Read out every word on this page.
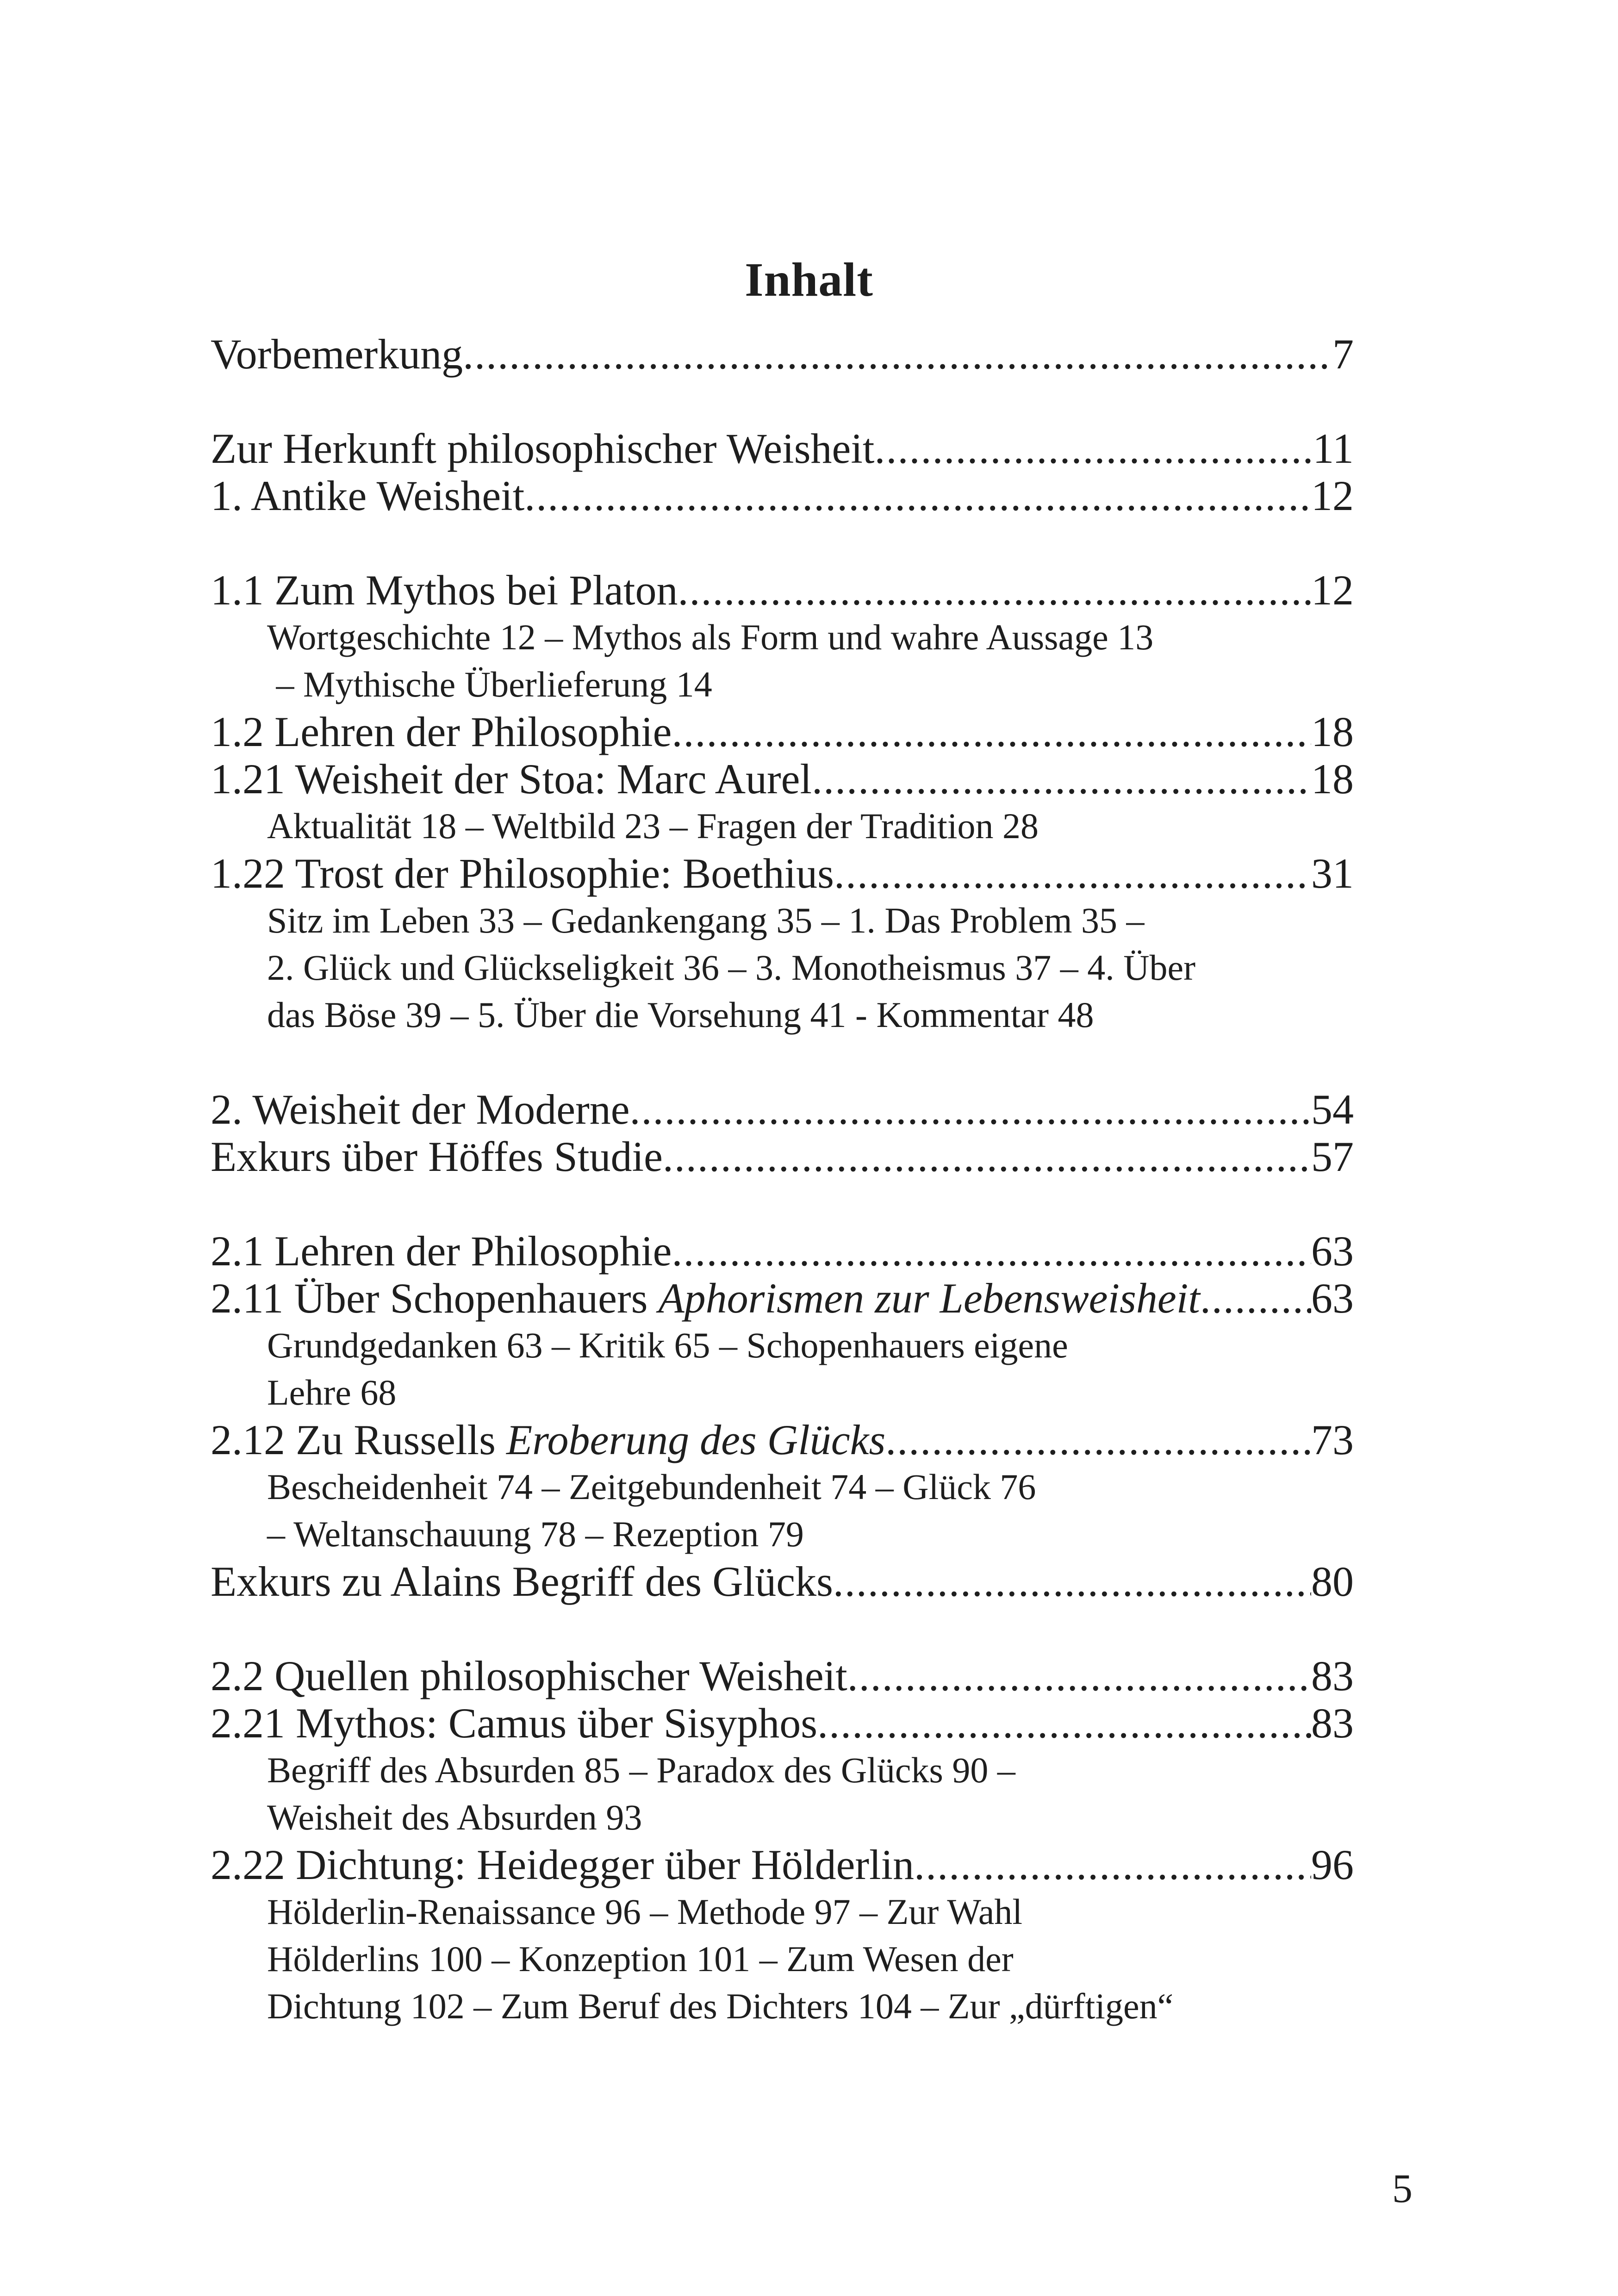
Inhalt
Vorbemerkung .....	7
Zur Herkunft philosophischer Weisheit .....	11
1. Antike Weisheit .....	12
1.1 Zum Mythos bei Platon .....	12
Wortgeschichte 12 – Mythos als Form und wahre Aussage 13
– Mythische Überlieferung 14
1.2 Lehren der Philosophie .....	18
1.21 Weisheit der Stoa: Marc Aurel .....	18
Aktualität 18 – Weltbild 23 – Fragen der Tradition 28
1.22 Trost der Philosophie: Boethius .....	31
Sitz im Leben 33 – Gedankengang 35 – 1. Das Problem 35 –
2. Glück und Glückseligkeit 36 – 3. Monotheismus 37 – 4. Über
das Böse 39 – 5. Über die Vorsehung 41 - Kommentar 48
2. Weisheit der Moderne .....	54
Exkurs über Höffes Studie .....	57
2.1 Lehren der Philosophie .....	63
2.11 Über Schopenhauers Aphorismen zur Lebensweisheit .....	63
Grundgedanken 63 – Kritik 65 – Schopenhauers eigene
Lehre 68
2.12 Zu Russells Eroberung des Glücks .....	73
Bescheidenheit 74 – Zeitgebundenheit 74 – Glück 76
– Weltanschauung 78 – Rezeption 79
Exkurs zu Alains Begriff des Glücks .....	80
2.2 Quellen philosophischer Weisheit .....	83
2.21 Mythos: Camus über Sisyphos .....	83
Begriff des Absurden 85 – Paradox des Glücks 90 –
Weisheit des Absurden 93
2.22 Dichtung: Heidegger über Hölderlin .....	96
Hölderlin-Renaissance 96 – Methode 97 – Zur Wahl
Hölderlins 100 – Konzeption 101 – Zum Wesen der
Dichtung 102 – Zum Beruf des Dichters 104 – Zur „dürftigen“
5
